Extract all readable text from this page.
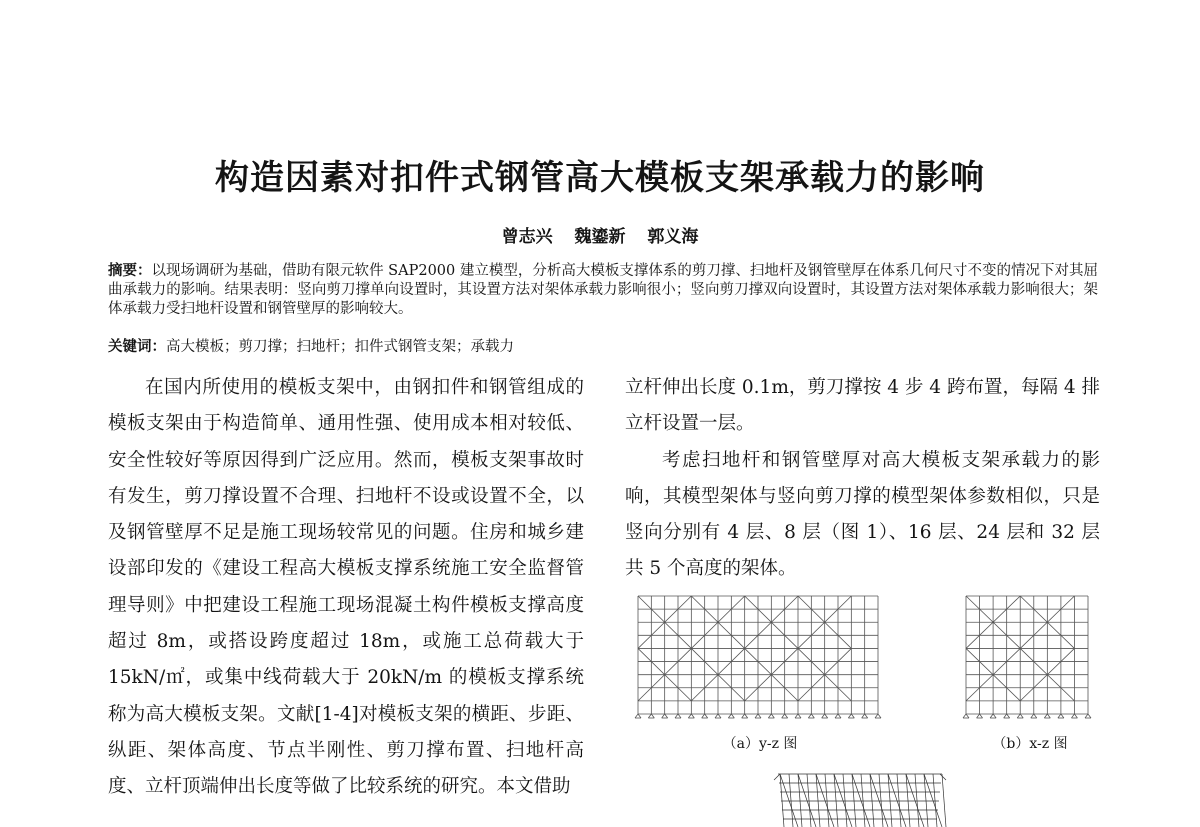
构造因素对扣件式钢管高大模板支架承载力的影响
曾志兴 魏鎏新 郭义海
摘要：以现场调研为基础，借助有限元软件 SAP2000 建立模型，分析高大模板支撑体系的剪刀撑、扫地杆及钢管壁厚在体系几何尺寸不变的情况下对其屈曲承载力的影响。结果表明：竖向剪刀撑单向设置时，其设置方法对架体承载力影响很小；竖向剪刀撑双向设置时，其设置方法对架体承载力影响很大；架体承载力受扫地杆设置和钢管壁厚的影响较大。
关键词：高大模板；剪刀撑；扫地杆；扣件式钢管支架；承载力

在国内所使用的模板支架中，由钢扣件和钢管组成的模板支架由于构造简单、通用性强、使用成本相对较低、安全性较好等原因得到广泛应用。然而，模板支架事故时有发生，剪刀撑设置不合理、扫地杆不设或设置不全，以及钢管壁厚不足是施工现场较常见的问题。住房和城乡建设部印发的《建设工程高大模板支撑系统施工安全监督管理导则》中把建设工程施工现场混凝土构件模板支撑高度超过 8m，或搭设跨度超过 18m，或施工总荷载大于 15kN/㎡，或集中线荷载大于 20kN/m 的模板支撑系统称为高大模板支架。文献[1-4]对模板支架的横距、步距、纵距、架体高度、节点半刚性、剪刀撑布置、扫地杆高度、立杆顶端伸出长度等做了比较系统的研究。本文借助

立杆伸出长度 0.1m，剪刀撑按 4 步 4 跨布置，每隔 4 排立杆设置一层。

考虑扫地杆和钢管壁厚对高大模板支架承载力的影响，其模型架体与竖向剪刀撑的模型架体参数相似，只是竖向分别有 4 层、8 层（图 1）、16 层、24 层和 32 层共 5 个高度的架体。

（a）y-z 图	（b）x-z 图
